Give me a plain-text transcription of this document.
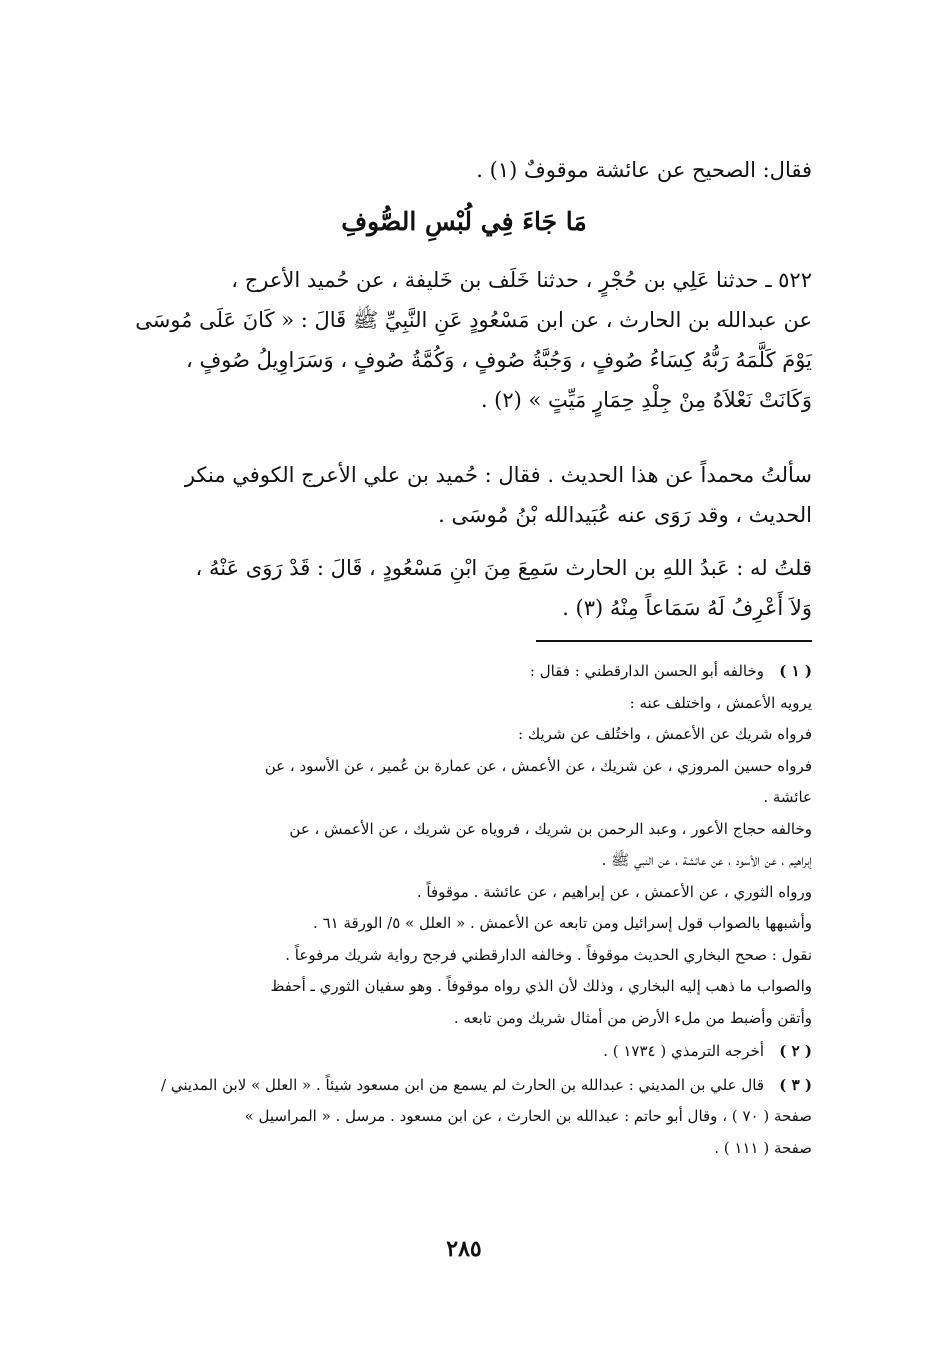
فقال: الصحيح عن عائشة موقوفٌ (١) .
مَا جَاءَ فِي لُبْسِ الصُّوفِ
٥٢٢ ـ حدثنا عَلِي بن حُجْرٍ ، حدثنا خَلَف بن خَليفة ، عن حُميد الأعرج ،
عن عبدالله بن الحارث ، عن ابن مَسْعُودٍ عَنِ النَّبِيِّ ﷺ قَالَ : « كَانَ عَلَى مُوسَى
يَوْمَ كَلَّمَهُ رَبُّهُ كِسَاءُ صُوفٍ ، وَجُبَّةُ صُوفٍ ، وَكُمَّةُ صُوفٍ ، وَسَرَاوِيلُ صُوفٍ ،
وَكَانَتْ نَعْلاَهُ مِنْ جِلْدِ حِمَارٍ مَيِّتٍ » (٢) .
سألتُ محمداً عن هذا الحديث . فقال : حُميد بن علي الأعرج الكوفي منكر
الحديث ، وقد رَوَى عنه عُبَيدالله بْنُ مُوسَى .
قلتُ له : عَبدُ اللهِ بن الحارث سَمِعَ مِنَ ابْنِ مَسْعُودٍ ، قَالَ : قَدْ رَوَى عَنْهُ ،
وَلاَ أَعْرِفُ لَهُ سَمَاعاً مِنْهُ (٣) .
( ١ )
وخالفه أبو الحسن الدارقطني : فقال :
يرويه الأعمش ، واختلف عنه :
فرواه شريك عن الأعمش ، واختُلف عن شريك :
فرواه حسين المروزي ، عن شريك ، عن الأعمش ، عن عمارة بن عُمير ، عن الأسود ، عن
عائشة .
وخالفه حجاج الأعور ، وعبد الرحمن بن شريك ، فروياه عن شريك ، عن الأعمش ، عن
إبراهيم ، عن الأسود ، عن عائشة ، عن النبي ﷺ .
ورواه الثوري ، عن الأعمش ، عن إبراهيم ، عن عائشة . موقوفاً .
وأشبهها بالصواب قول إسرائيل ومن تابعه عن الأعمش . « العلل » ٥/ الورقة ٦١ .
نقول : صحح البخاري الحديث موقوفاً . وخالفه الدارقطني فرجح رواية شريك مرفوعاً .
والصواب ما ذهب إليه البخاري ، وذلك لأن الذي رواه موقوفاً . وهو سفيان الثوري ـ أحفظ
وأتقن وأضبط من ملء الأرض من أمثال شريك ومن تابعه .
( ٢ )
أخرجه الترمذي ( ١٧٣٤ ) .
( ٣ )
قال علي بن المديني : عبدالله بن الحارث لم يسمع من ابن مسعود شيئاً . « العلل » لابن المديني /
صفحة ( ٧٠ ) ، وقال أبو حاتم : عبدالله بن الحارث ، عن ابن مسعود . مرسل . « المراسيل »
صفحة ( ١١١ ) .
٢٨٥
